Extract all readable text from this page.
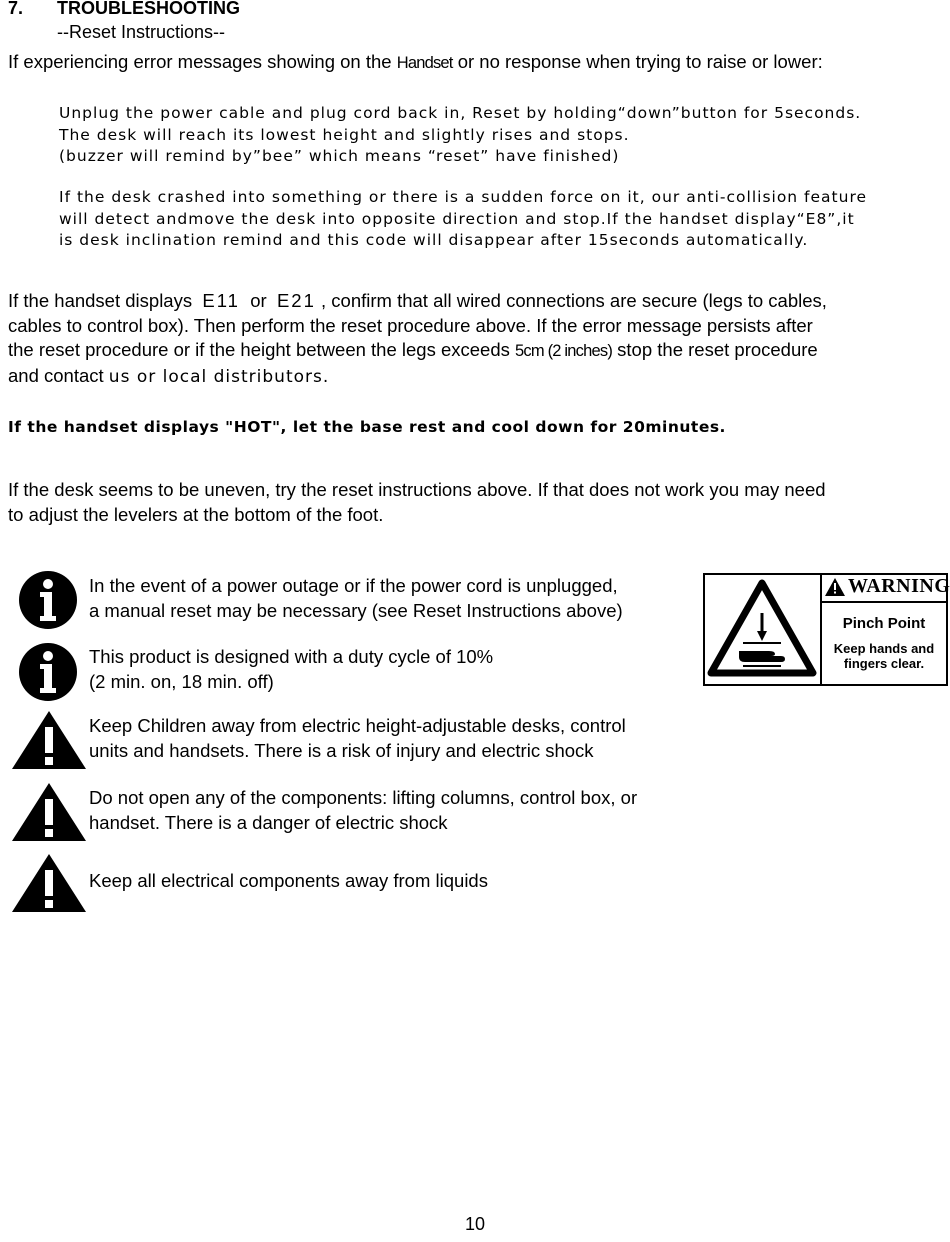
7. TROUBLESHOOTING
--Reset Instructions--
If experiencing error messages showing on the Handset or no response when trying to raise or lower:
Unplug the power cable and plug cord back in, Reset by holding“down”button for 5seconds.
The desk will reach its lowest height and slightly rises and stops.
(buzzer will remind by”bee” which means “reset” have finished)
If the desk crashed into something or there is a sudden force on it, our anti-collision feature
will detect andmove the desk into opposite direction and stop.If the handset display“E8”,it
is desk inclination remind and this code will disappear after 15seconds automatically.
If the handset displays  E11  or  E21 , confirm that all wired connections are secure (legs to cables,
cables to control box). Then perform the reset procedure above. If the error message persists after
the reset procedure or if the height between the legs exceeds 5cm (2 inches) stop the reset procedure
and contact us or local distributors.
If the handset displays "HOT", let the base rest and cool down for 20minutes.
If the desk seems to be uneven, try the reset instructions above. If that does not work you may need
to adjust the levelers at the bottom of the foot.
In the event of a power outage or if the power cord is unplugged,
a manual reset may be necessary (see Reset Instructions above)
This product is designed with a duty cycle of 10%
(2 min. on, 18 min. off)
Keep Children away from electric height-adjustable desks, control
units and handsets. There is a risk of injury and electric shock
Do not open any of the components: lifting columns, control box, or
handset. There is a danger of electric shock
Keep all electrical components away from liquids
WARNING
Pinch Point
Keep hands and
fingers clear.
10
